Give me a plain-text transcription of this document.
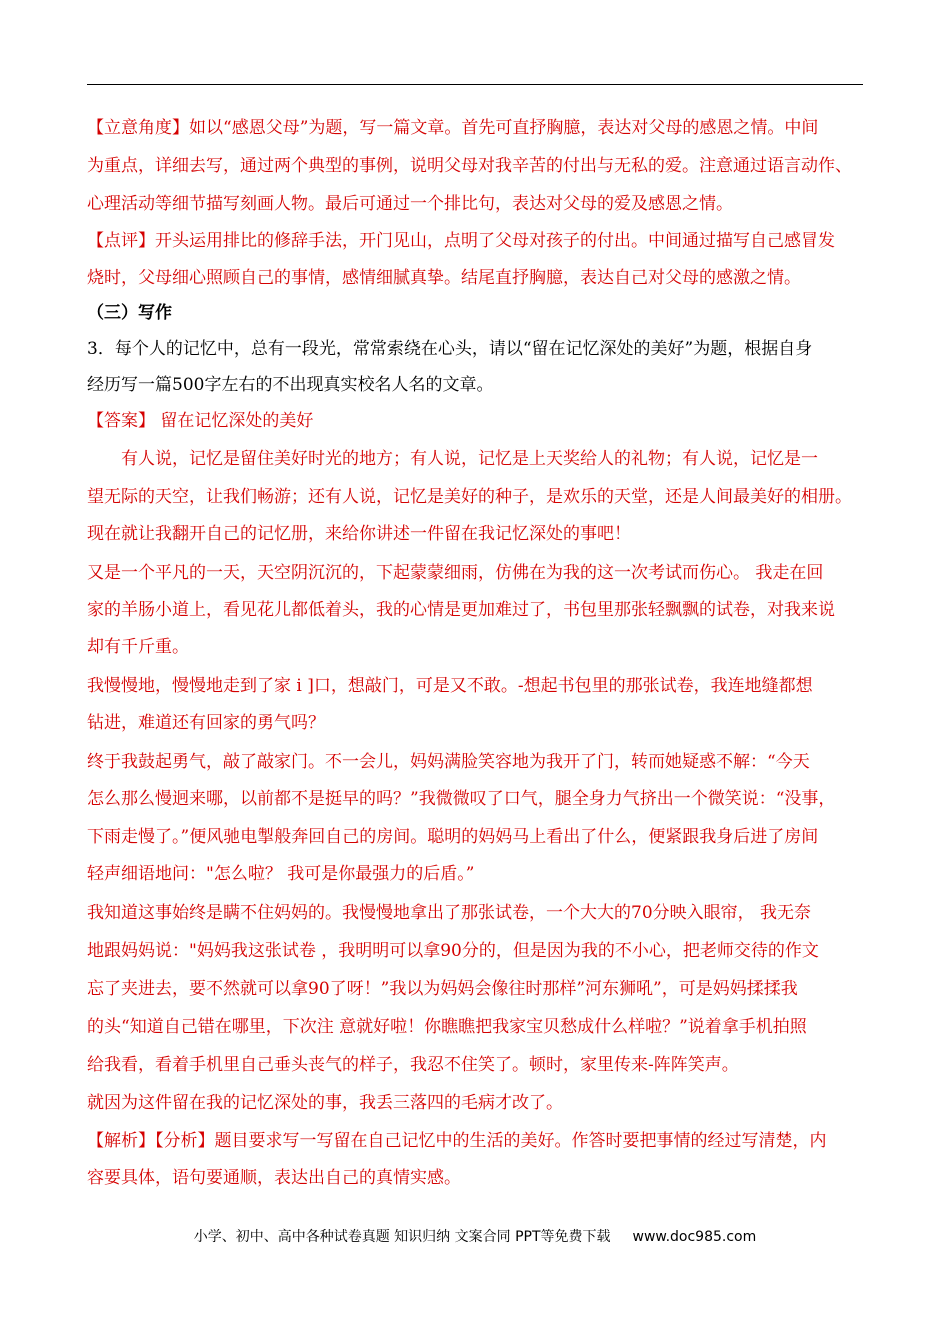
【立意角度】如以“感恩父母”为题，写一篇文章。首先可直抒胸臆，表达对父母的感恩之情。中间
为重点，详细去写，通过两个典型的事例，说明父母对我辛苦的付出与无私的爱。注意通过语言动作、
心理活动等细节描写刻画人物。最后可通过一个排比句，表达对父母的爱及感恩之情。
【点评】开头运用排比的修辞手法，开门见山，点明了父母对孩子的付出。中间通过描写自己感冒发
烧时，父母细心照顾自己的事情，感情细腻真挚。结尾直抒胸臆，表达自己对父母的感激之情。
（三）写作
3．每个人的记忆中，总有一段光，常常索绕在心头，请以“留在记忆深处的美好”为题，根据自身
经历写一篇500字左右的不出现真实校名人名的文章。
【答案】 留在记忆深处的美好
　　有人说，记忆是留住美好时光的地方；有人说，记忆是上天奖给人的礼物；有人说，记忆是一
望无际的天空，让我们畅游；还有人说，记忆是美好的种子，是欢乐的天堂，还是人间最美好的相册。
现在就让我翻开自己的记忆册，来给你讲述一件留在我记忆深处的事吧！
又是一个平凡的一天，天空阴沉沉的，下起蒙蒙细雨，仿佛在为我的这一次考试而伤心。 我走在回
家的羊肠小道上，看见花儿都低着头，我的心情是更加难过了，书包里那张轻飘飘的试卷，对我来说
却有千斤重。
我慢慢地，慢慢地走到了家 i ]口，想敲门，可是又不敢。-想起书包里的那张试卷，我连地缝都想
钻进，难道还有回家的勇气吗？
终于我鼓起勇气，敲了敲家门。不一会儿，妈妈满脸笑容地为我开了门，转而她疑惑不解：“今天
怎么那么慢迥来哪，以前都不是挺早的吗？”我微微叹了口气，腿全身力气挤出一个微笑说：“没事，
下雨走慢了。”便风驰电掣般奔回自己的房间。聪明的妈妈马上看出了什么，便紧跟我身后进了房间
轻声细语地问："怎么啦？ 我可是你最强力的后盾。”
我知道这事始终是瞒不住妈妈的。我慢慢地拿出了那张试卷，一个大大的70分映入眼帘， 我无奈
地跟妈妈说："妈妈我这张试卷 ，我明明可以拿90分的，但是因为我的不小心，把老师交待的作文
忘了夹进去，要不然就可以拿90了呀！”我以为妈妈会像往时那样”河东狮吼”，可是妈妈揉揉我
的头“知道自己错在哪里，下次注 意就好啦！你瞧瞧把我家宝贝愁成什么样啦？”说着拿手机拍照
给我看，看着手机里自己垂头丧气的样子，我忍不住笑了。顿时，家里传来-阵阵笑声。
就因为这件留在我的记忆深处的事，我丢三落四的毛病才改了。
【解析】【分析】题目要求写一写留在自己记忆中的生活的美好。作答时要把事情的经过写清楚，内
容要具体，语句要通顺，表达出自己的真情实感。
小学、初中、高中各种试卷真题 知识归纳 文案合同 PPT等免费下载 www.doc985.com
